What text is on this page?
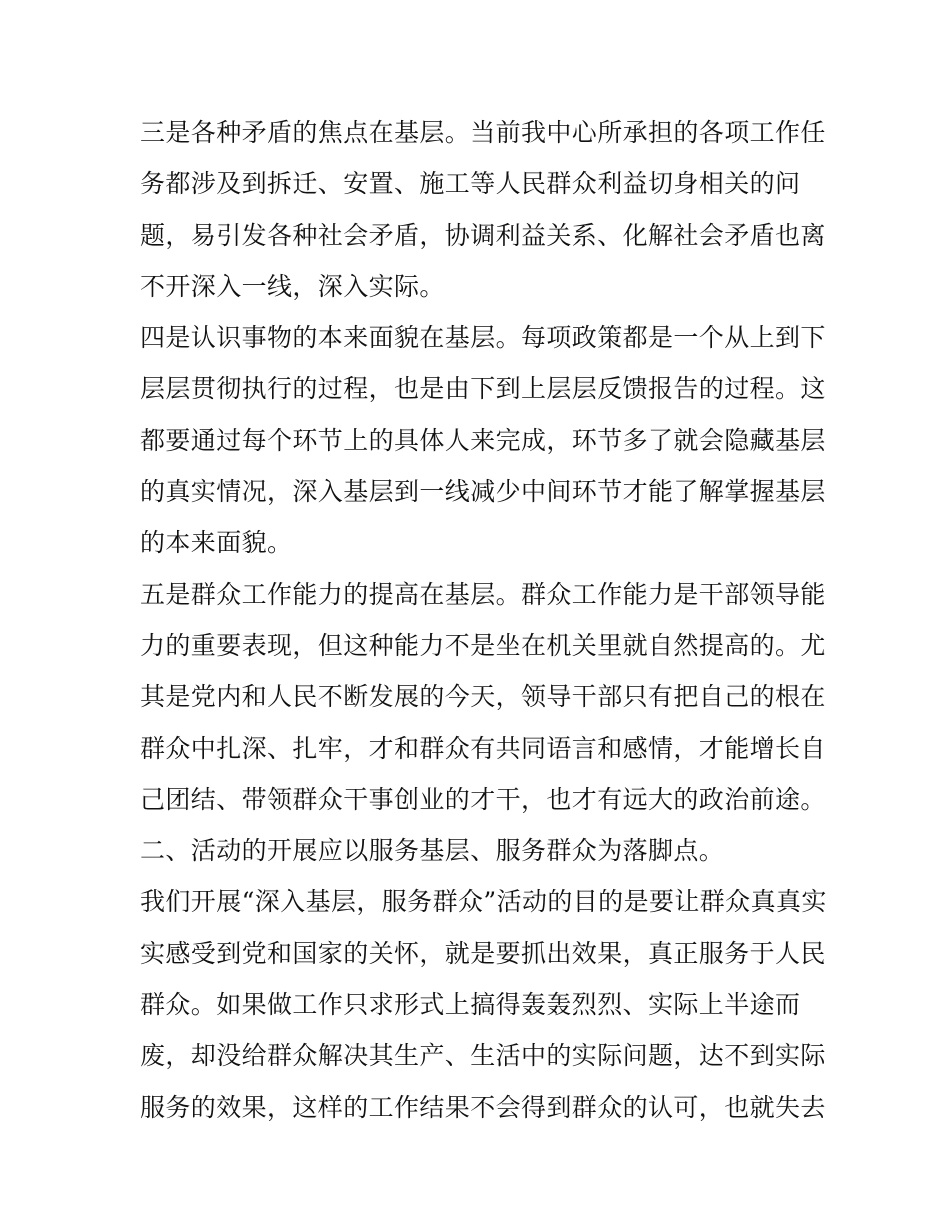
三是各种矛盾的焦点在基层。当前我中心所承担的各项工作任
务都涉及到拆迁、安置、施工等人民群众利益切身相关的问
题，易引发各种社会矛盾，协调利益关系、化解社会矛盾也离
不开深入一线，深入实际。
四是认识事物的本来面貌在基层。每项政策都是一个从上到下
层层贯彻执行的过程，也是由下到上层层反馈报告的过程。这
都要通过每个环节上的具体人来完成，环节多了就会隐藏基层
的真实情况，深入基层到一线减少中间环节才能了解掌握基层
的本来面貌。
五是群众工作能力的提高在基层。群众工作能力是干部领导能
力的重要表现，但这种能力不是坐在机关里就自然提高的。尤
其是党内和人民不断发展的今天，领导干部只有把自己的根在
群众中扎深、扎牢，才和群众有共同语言和感情，才能增长自
己团结、带领群众干事创业的才干，也才有远大的政治前途。
二、活动的开展应以服务基层、服务群众为落脚点。
我们开展“深入基层，服务群众”活动的目的是要让群众真真实
实感受到党和国家的关怀，就是要抓出效果，真正服务于人民
群众。如果做工作只求形式上搞得轰轰烈烈、实际上半途而
废，却没给群众解决其生产、生活中的实际问题，达不到实际
服务的效果，这样的工作结果不会得到群众的认可，也就失去
